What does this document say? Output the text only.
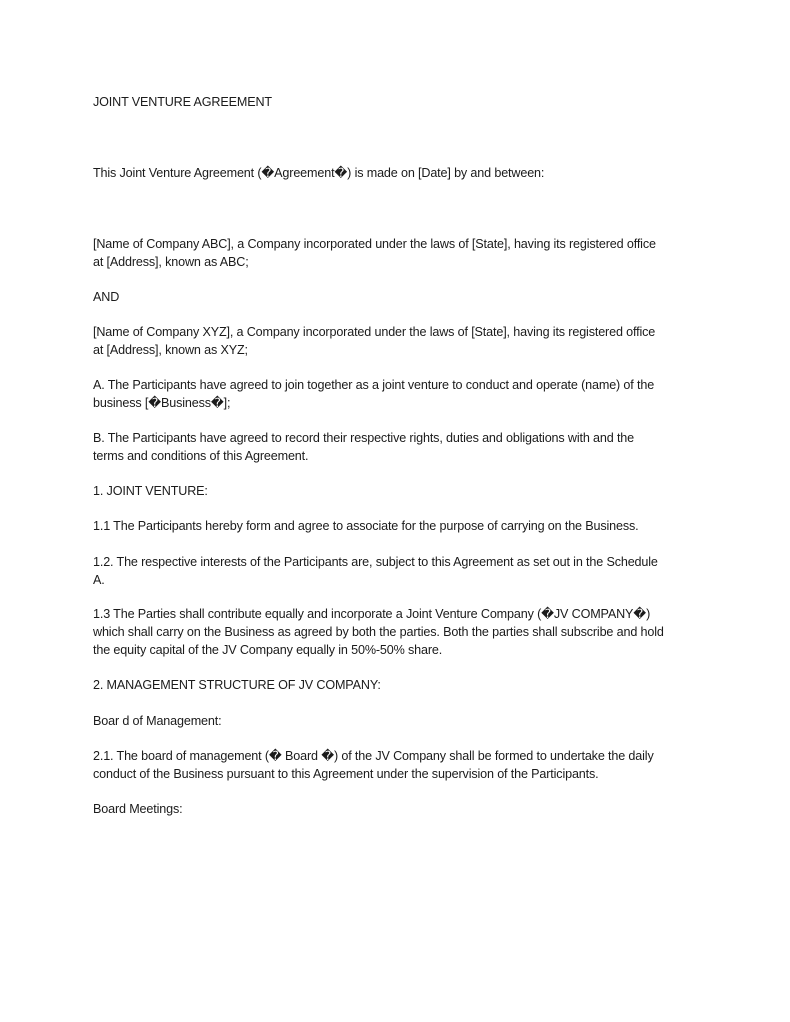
JOINT VENTURE AGREEMENT
This Joint Venture Agreement (�Agreement�) is made on [Date] by and between:
[Name of Company ABC], a Company incorporated under the laws of [State], having its registered office
at [Address], known as ABC;
AND
[Name of Company XYZ], a Company incorporated under the laws of [State], having its registered office
at [Address], known as XYZ;
A. The Participants have agreed to join together as a joint venture to conduct and operate (name) of the
business [�Business�];
B. The Participants have agreed to record their respective rights, duties and obligations with and the
terms and conditions of this Agreement.
1. JOINT VENTURE:
1.1 The Participants hereby form and agree to associate for the purpose of carrying on the Business.
1.2. The respective interests of the Participants are, subject to this Agreement as set out in the Schedule
A.
1.3 The Parties shall contribute equally and incorporate a Joint Venture Company (�JV COMPANY�)
which shall carry on the Business as agreed by both the parties. Both the parties shall subscribe and hold
the equity capital of the JV Company equally in 50%-50% share.
2. MANAGEMENT STRUCTURE OF JV COMPANY:
Boar d of Management:
2.1. The board of management (� Board �) of the JV Company shall be formed to undertake the daily
conduct of the Business pursuant to this Agreement under the supervision of the Participants.
Board Meetings:
